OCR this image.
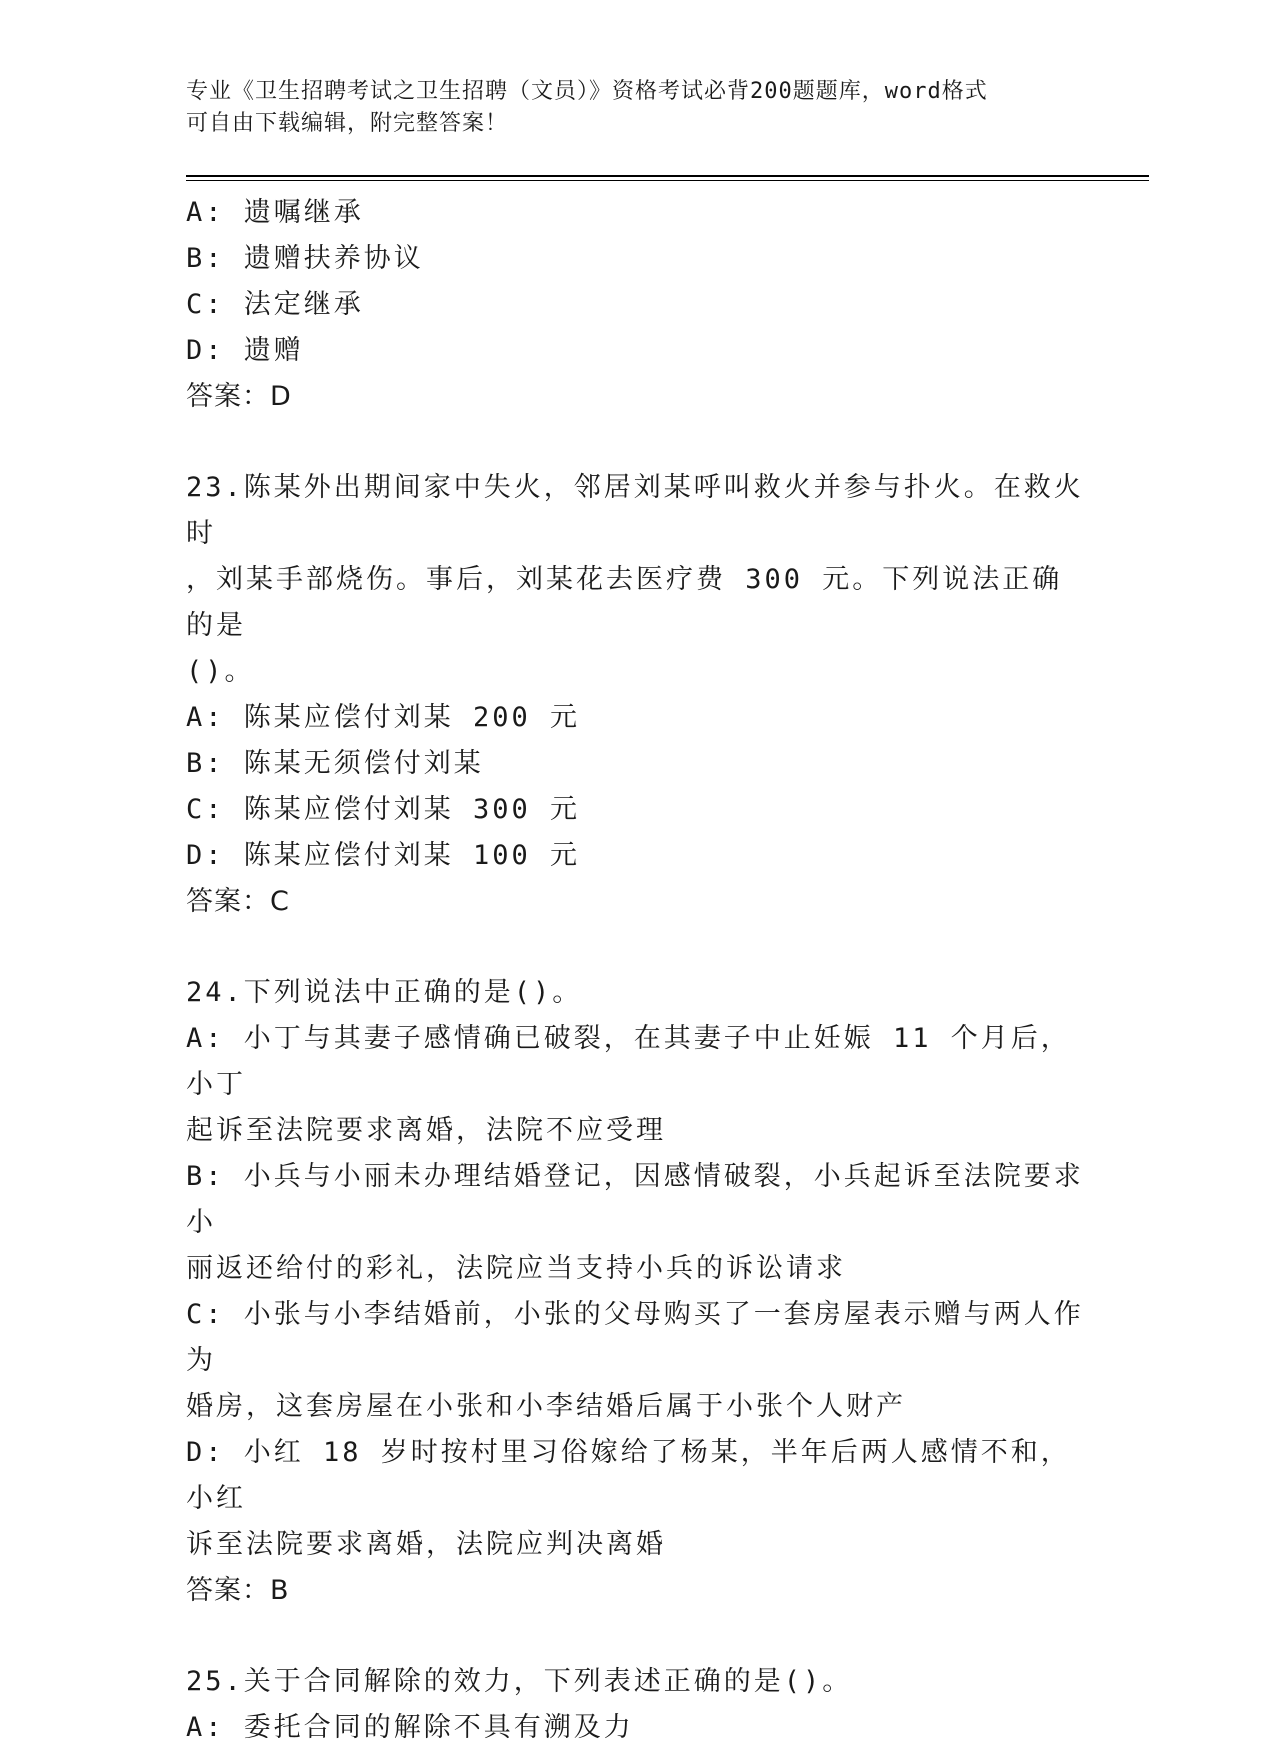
专业《卫生招聘考试之卫生招聘（文员）》资格考试必背200题题库，word格式
可自由下载编辑，附完整答案！
A: 遗嘱继承
B: 遗赠扶养协议
C: 法定继承
D: 遗赠
答案：D
23.陈某外出期间家中失火，邻居刘某呼叫救火并参与扑火。在救火时
，刘某手部烧伤。事后，刘某花去医疗费 300 元。下列说法正确的是
()。
A: 陈某应偿付刘某 200 元
B: 陈某无须偿付刘某
C: 陈某应偿付刘某 300 元
D: 陈某应偿付刘某 100 元
答案：C
24.下列说法中正确的是()。
A: 小丁与其妻子感情确已破裂，在其妻子中止妊娠 11 个月后，小丁
起诉至法院要求离婚，法院不应受理
B: 小兵与小丽未办理结婚登记，因感情破裂，小兵起诉至法院要求小
丽返还给付的彩礼，法院应当支持小兵的诉讼请求
C: 小张与小李结婚前，小张的父母购买了一套房屋表示赠与两人作为
婚房，这套房屋在小张和小李结婚后属于小张个人财产
D: 小红 18 岁时按村里习俗嫁给了杨某，半年后两人感情不和，小红
诉至法院要求离婚，法院应判决离婚
答案：B
25.关于合同解除的效力，下列表述正确的是()。
A: 委托合同的解除不具有溯及力
